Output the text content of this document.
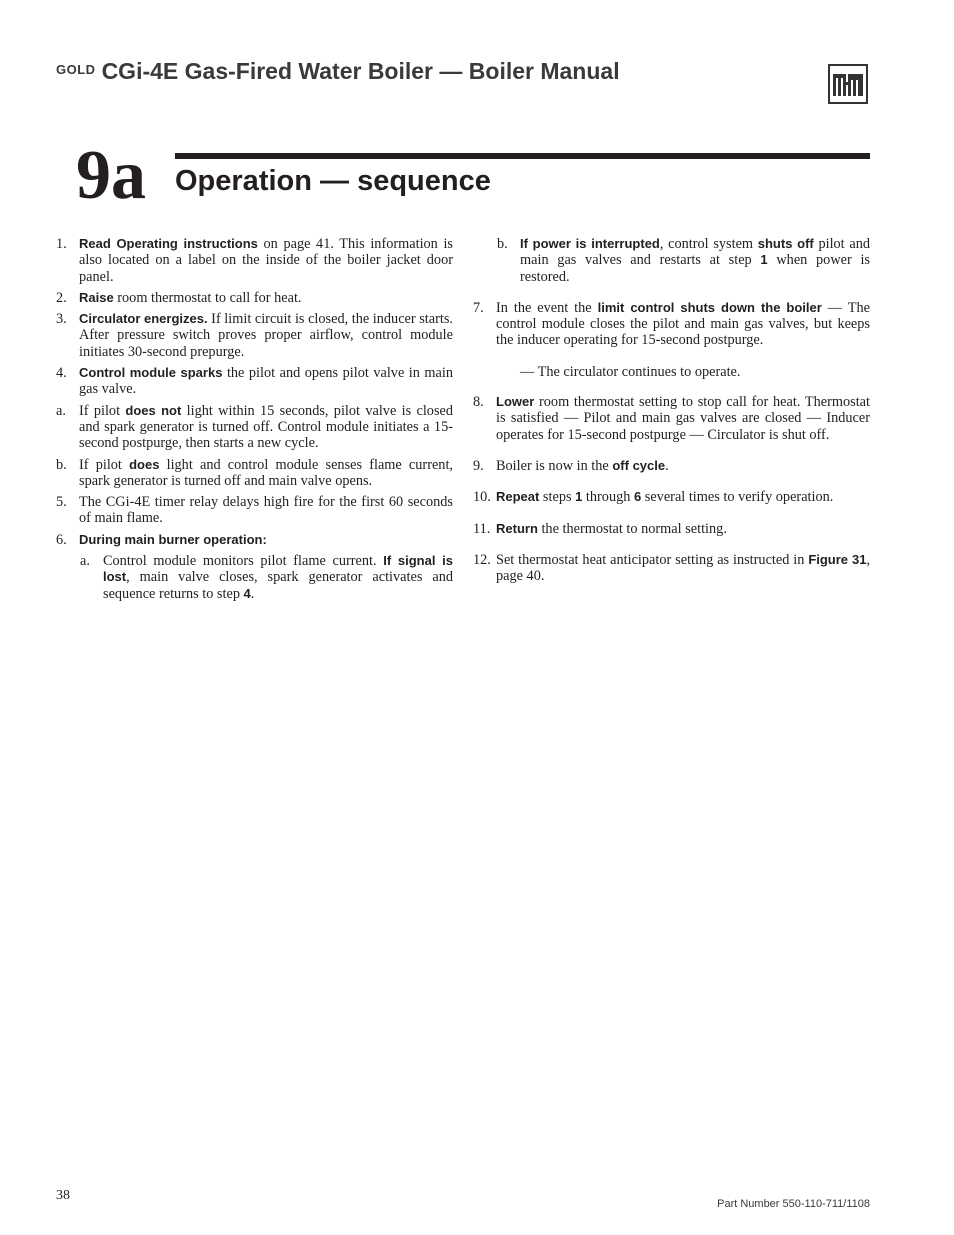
$^{GOLD}$ CGi-4E Gas-Fired Water Boiler — Boiler Manual
9a Operation — sequence
1. Read Operating instructions on page 41. This information is also located on a label on the inside of the boiler jacket door panel.
2. Raise room thermostat to call for heat.
3. Circulator energizes. If limit circuit is closed, the inducer starts. After pressure switch proves proper airflow, control module initiates 30-second prepurge.
4. Control module sparks the pilot and opens pilot valve in main gas valve.
a. If pilot does not light within 15 seconds, pilot valve is closed and spark generator is turned off. Control module initiates a 15-second postpurge, then starts a new cycle.
b. If pilot does light and control module senses flame current, spark generator is turned off and main valve opens.
5. The CGi-4E timer relay delays high fire for the first 60 seconds of main flame.
6. During main burner operation:
a. Control module monitors pilot flame current. If signal is lost, main valve closes, spark generator activates and sequence returns to step 4.
b. If power is interrupted, control system shuts off pilot and main gas valves and restarts at step 1 when power is restored.
7. In the event the limit control shuts down the boiler — The control module closes the pilot and main gas valves, but keeps the inducer operating for 15-second postpurge.
— The circulator continues to operate.
8. Lower room thermostat setting to stop call for heat. Thermostat is satisfied — Pilot and main gas valves are closed — Inducer operates for 15-second postpurge — Circulator is shut off.
9. Boiler is now in the off cycle.
10. Repeat steps 1 through 6 several times to verify operation.
11. Return the thermostat to normal setting.
12. Set thermostat heat anticipator setting as instructed in Figure 31, page 40.
38
Part Number 550-110-711/1108
